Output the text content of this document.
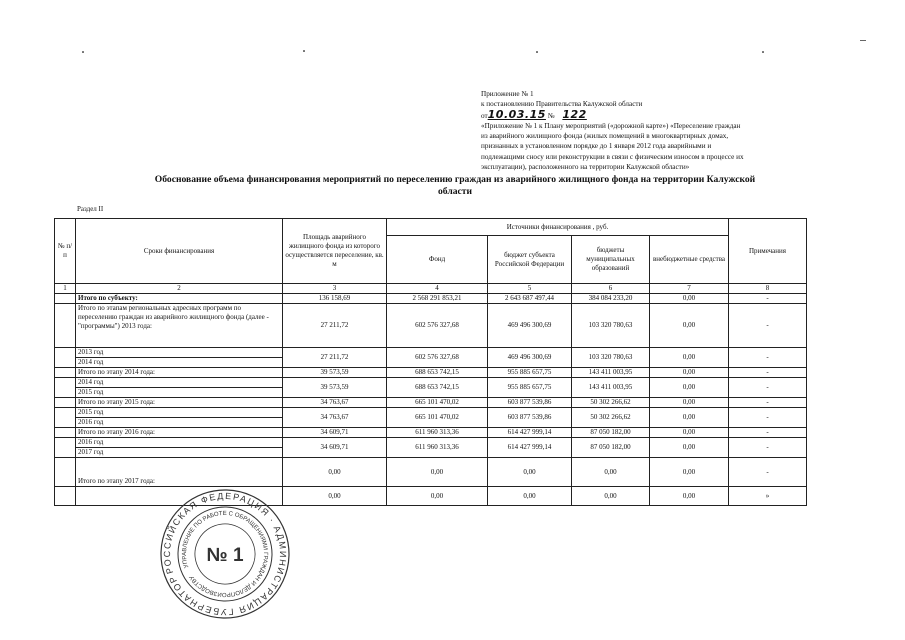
Приложение № 1
к постановлению Правительства Калужской области
от10.03.15 № 122
«Приложение № 1 к Плану мероприятий («дорожной карте») «Переселение граждан
из аварийного жилищного фонда (жилых помещений в многоквартирных домах,
признанных в установленном порядке до 1 января 2012 года аварийными и
подлежащими сносу или реконструкции в связи с физическим износом в процессе их
эксплуатации), расположенного на территории Калужской области»
Обоснование объема финансирования мероприятий по переселению граждан из аварийного жилищного фонда на территории Калужской
области
Раздел II
№ п/п	Сроки финансирования	Площадь аварийного жилищного фонда из которого осуществляется переселение, кв. м	Источники финансирования , руб.				Примечания
			Фонд	бюджет субъекта Российской Федерации	бюджеты муниципальных образований	внебюджетные средства	
1	2	3	4	5	6	7	8
	Итого по субъекту:	136 158,69	2 568 291 853,21	2 643 687 497,44	384 084 233,20	0,00	-
	Итого по этапам региональных адресных программ по переселению граждан из аварийного жилищного фонда (далее - "программы") 2013 года:	27 211,72	602 576 327,68	469 496 300,69	103 320 780,63	0,00	-
	2013 год	27 211,72	602 576 327,68	469 496 300,69	103 320 780,63	0,00	-
	2014 год						
	Итого по этапу 2014 года:	39 573,59	688 653 742,15	955 885 657,75	143 411 003,95	0,00	-
	2014 год	39 573,59	688 653 742,15	955 885 657,75	143 411 003,95	0,00	-
	2015 год						
	Итого по этапу 2015 года:	34 763,67	665 101 470,02	603 877 539,86	50 302 266,62	0,00	-
	2015 год	34 763,67	665 101 470,02	603 877 539,86	50 302 266,62	0,00	-
	2016 год						
	Итого по этапу 2016 года:	34 609,71	611 960 313,36	614 427 999,14	87 050 182,00	0,00	-
	2016 год	34 609,71	611 960 313,36	614 427 999,14	87 050 182,00	0,00	-
	2017 год						
	Итого по этапу 2017 года:	0,00	0,00	0,00	0,00	0,00	-
		0,00	0,00	0,00	0,00	0,00	»
РОССИЙСКАЯ ФЕДЕРАЦИЯ · АДМИНИСТРАЦИЯ ГУБЕРНАТОРА
УПРАВЛЕНИЕ ПО РАБОТЕ С ОБРАЩЕНИЯМИ ГРАЖДАН И ДЕЛОПРОИЗВОДСТВУ
№ 1
